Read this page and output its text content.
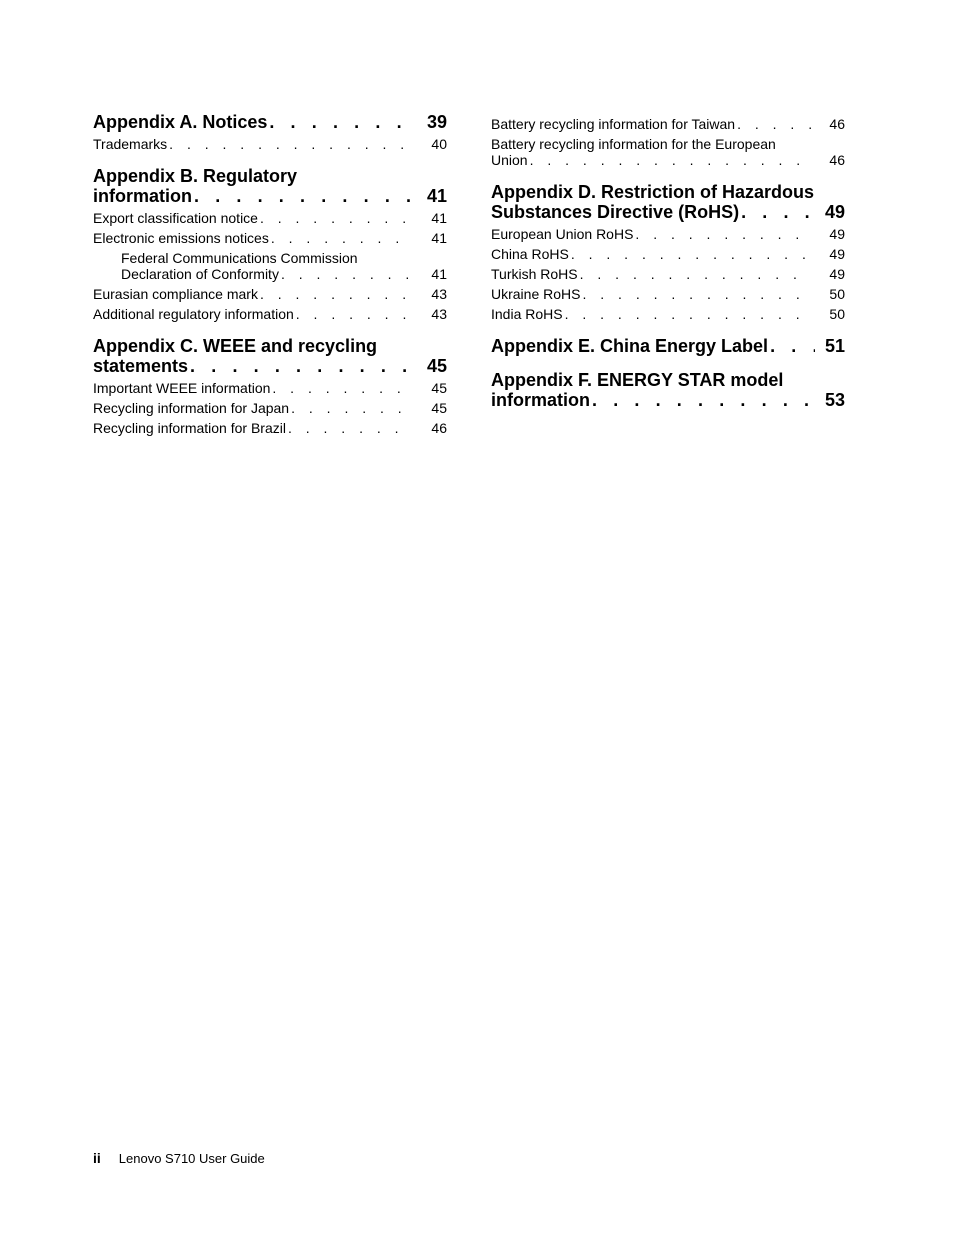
Appendix A. Notices . . .	39
Trademarks . . .	40
Appendix B. Regulatory
information . . .	41
Export classification notice . . .	41
Electronic emissions notices . . .	41
Federal Communications Commission
Declaration of Conformity . . .	41
Eurasian compliance mark . . .	43
Additional regulatory information . . .	43
Appendix C. WEEE and recycling
statements . . .	45
Important WEEE information . . .	45
Recycling information for Japan . . .	45
Recycling information for Brazil . . .	46
Battery recycling information for Taiwan . . .	46
Battery recycling information for the European
Union . . .	46
Appendix D. Restriction of Hazardous
Substances Directive (RoHS) . . .	49
European Union RoHS . . .	49
China RoHS . . .	49
Turkish RoHS . . .	49
Ukraine RoHS . . .	50
India RoHS . . .	50
Appendix E. China Energy Label . . .	51
Appendix F. ENERGY STAR model
information . . .	53
ii Lenovo S710 User Guide
